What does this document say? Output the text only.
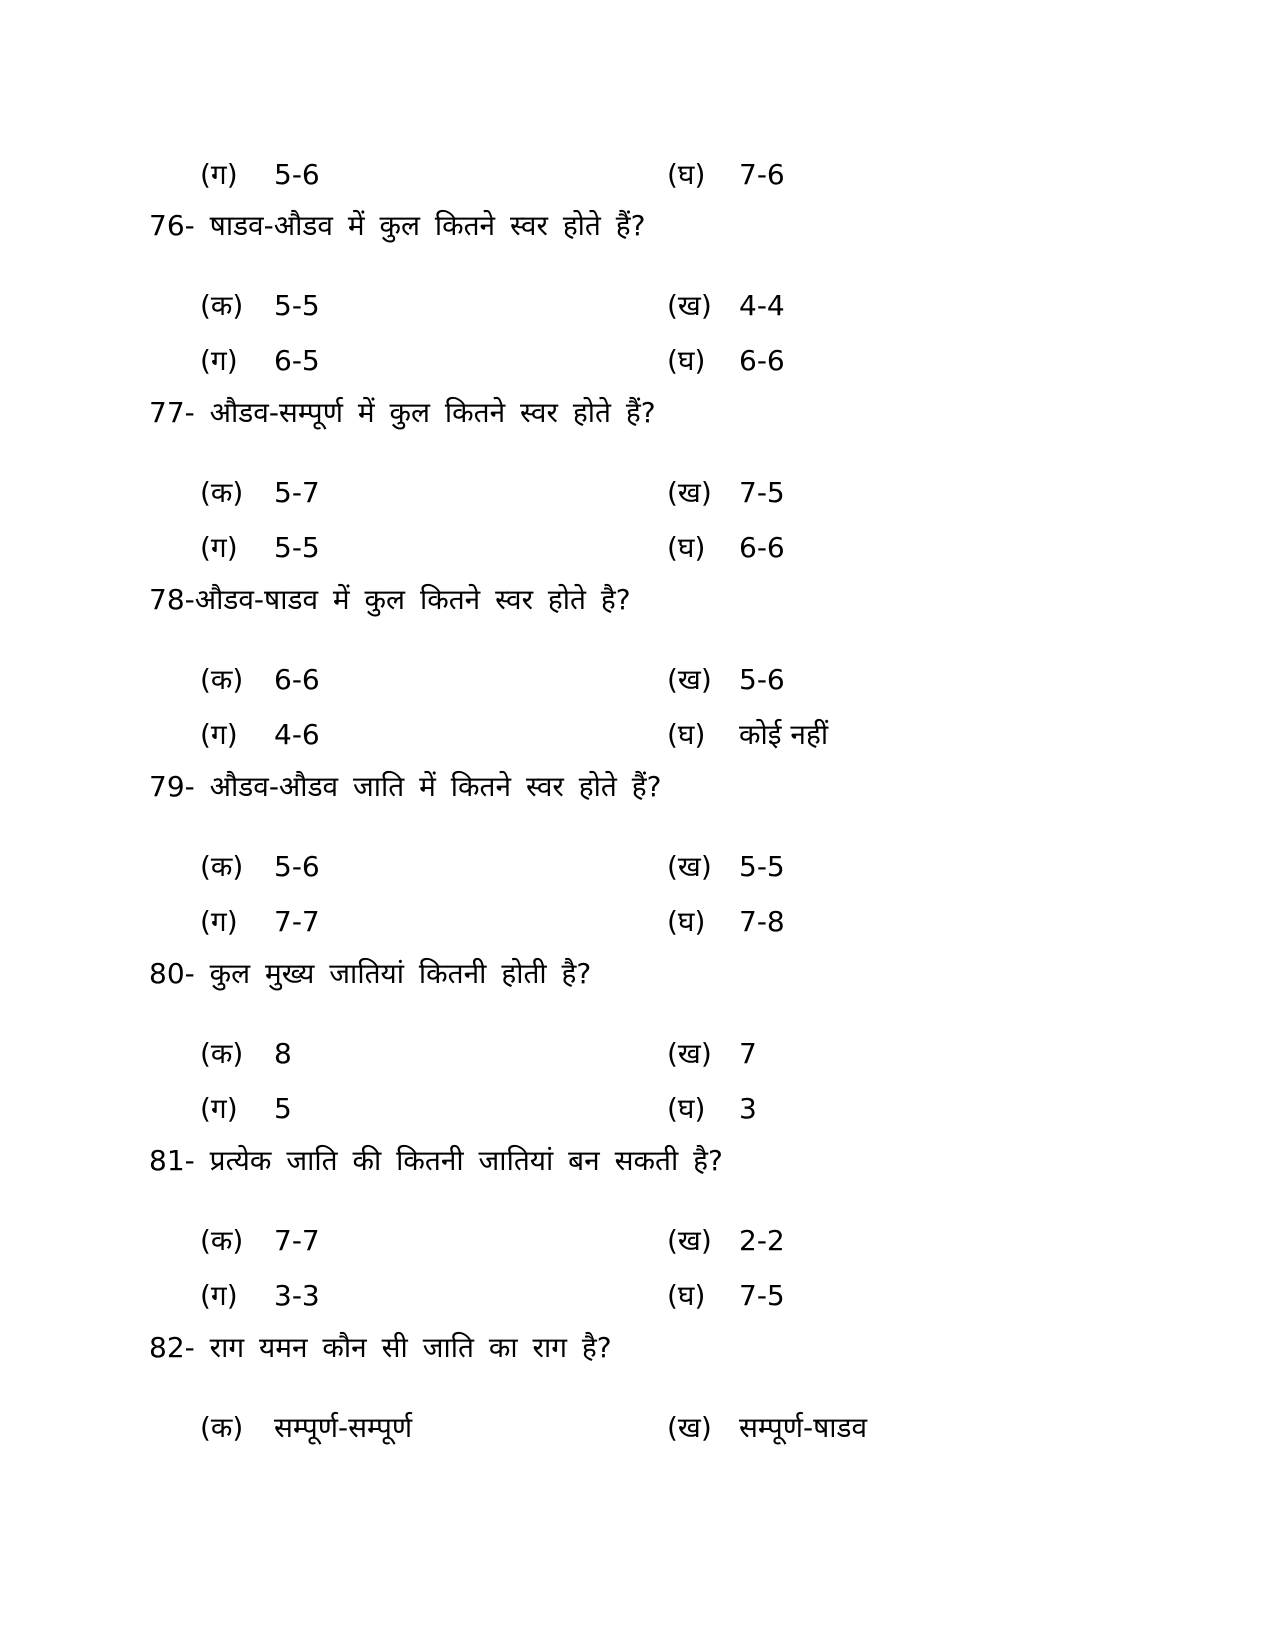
(ग) 5-6	(घ) 7-6
76- षाडव-औडव में कुल कितने स्वर होते हैं?
(क) 5-5	(ख) 4-4
(ग) 6-5	(घ) 6-6
77- औडव-सम्पूर्ण में कुल कितने स्वर होते हैं?
(क) 5-7	(ख) 7-5
(ग) 5-5	(घ) 6-6
78-औडव-षाडव में कुल कितने स्वर होते है?
(क) 6-6	(ख) 5-6
(ग) 4-6	(घ) कोई नहीं
79- औडव-औडव जाति में कितने स्वर होते हैं?
(क) 5-6	(ख) 5-5
(ग) 7-7	(घ) 7-8
80- कुल मुख्य जातियां कितनी होती है?
(क) 8	(ख) 7
(ग) 5	(घ) 3
81- प्रत्येक जाति की कितनी जातियां बन सकती है?
(क) 7-7	(ख) 2-2
(ग) 3-3	(घ) 7-5
82- राग यमन कौन सी जाति का राग है?
(क) सम्पूर्ण-सम्पूर्ण	(ख) सम्पूर्ण-षाडव
